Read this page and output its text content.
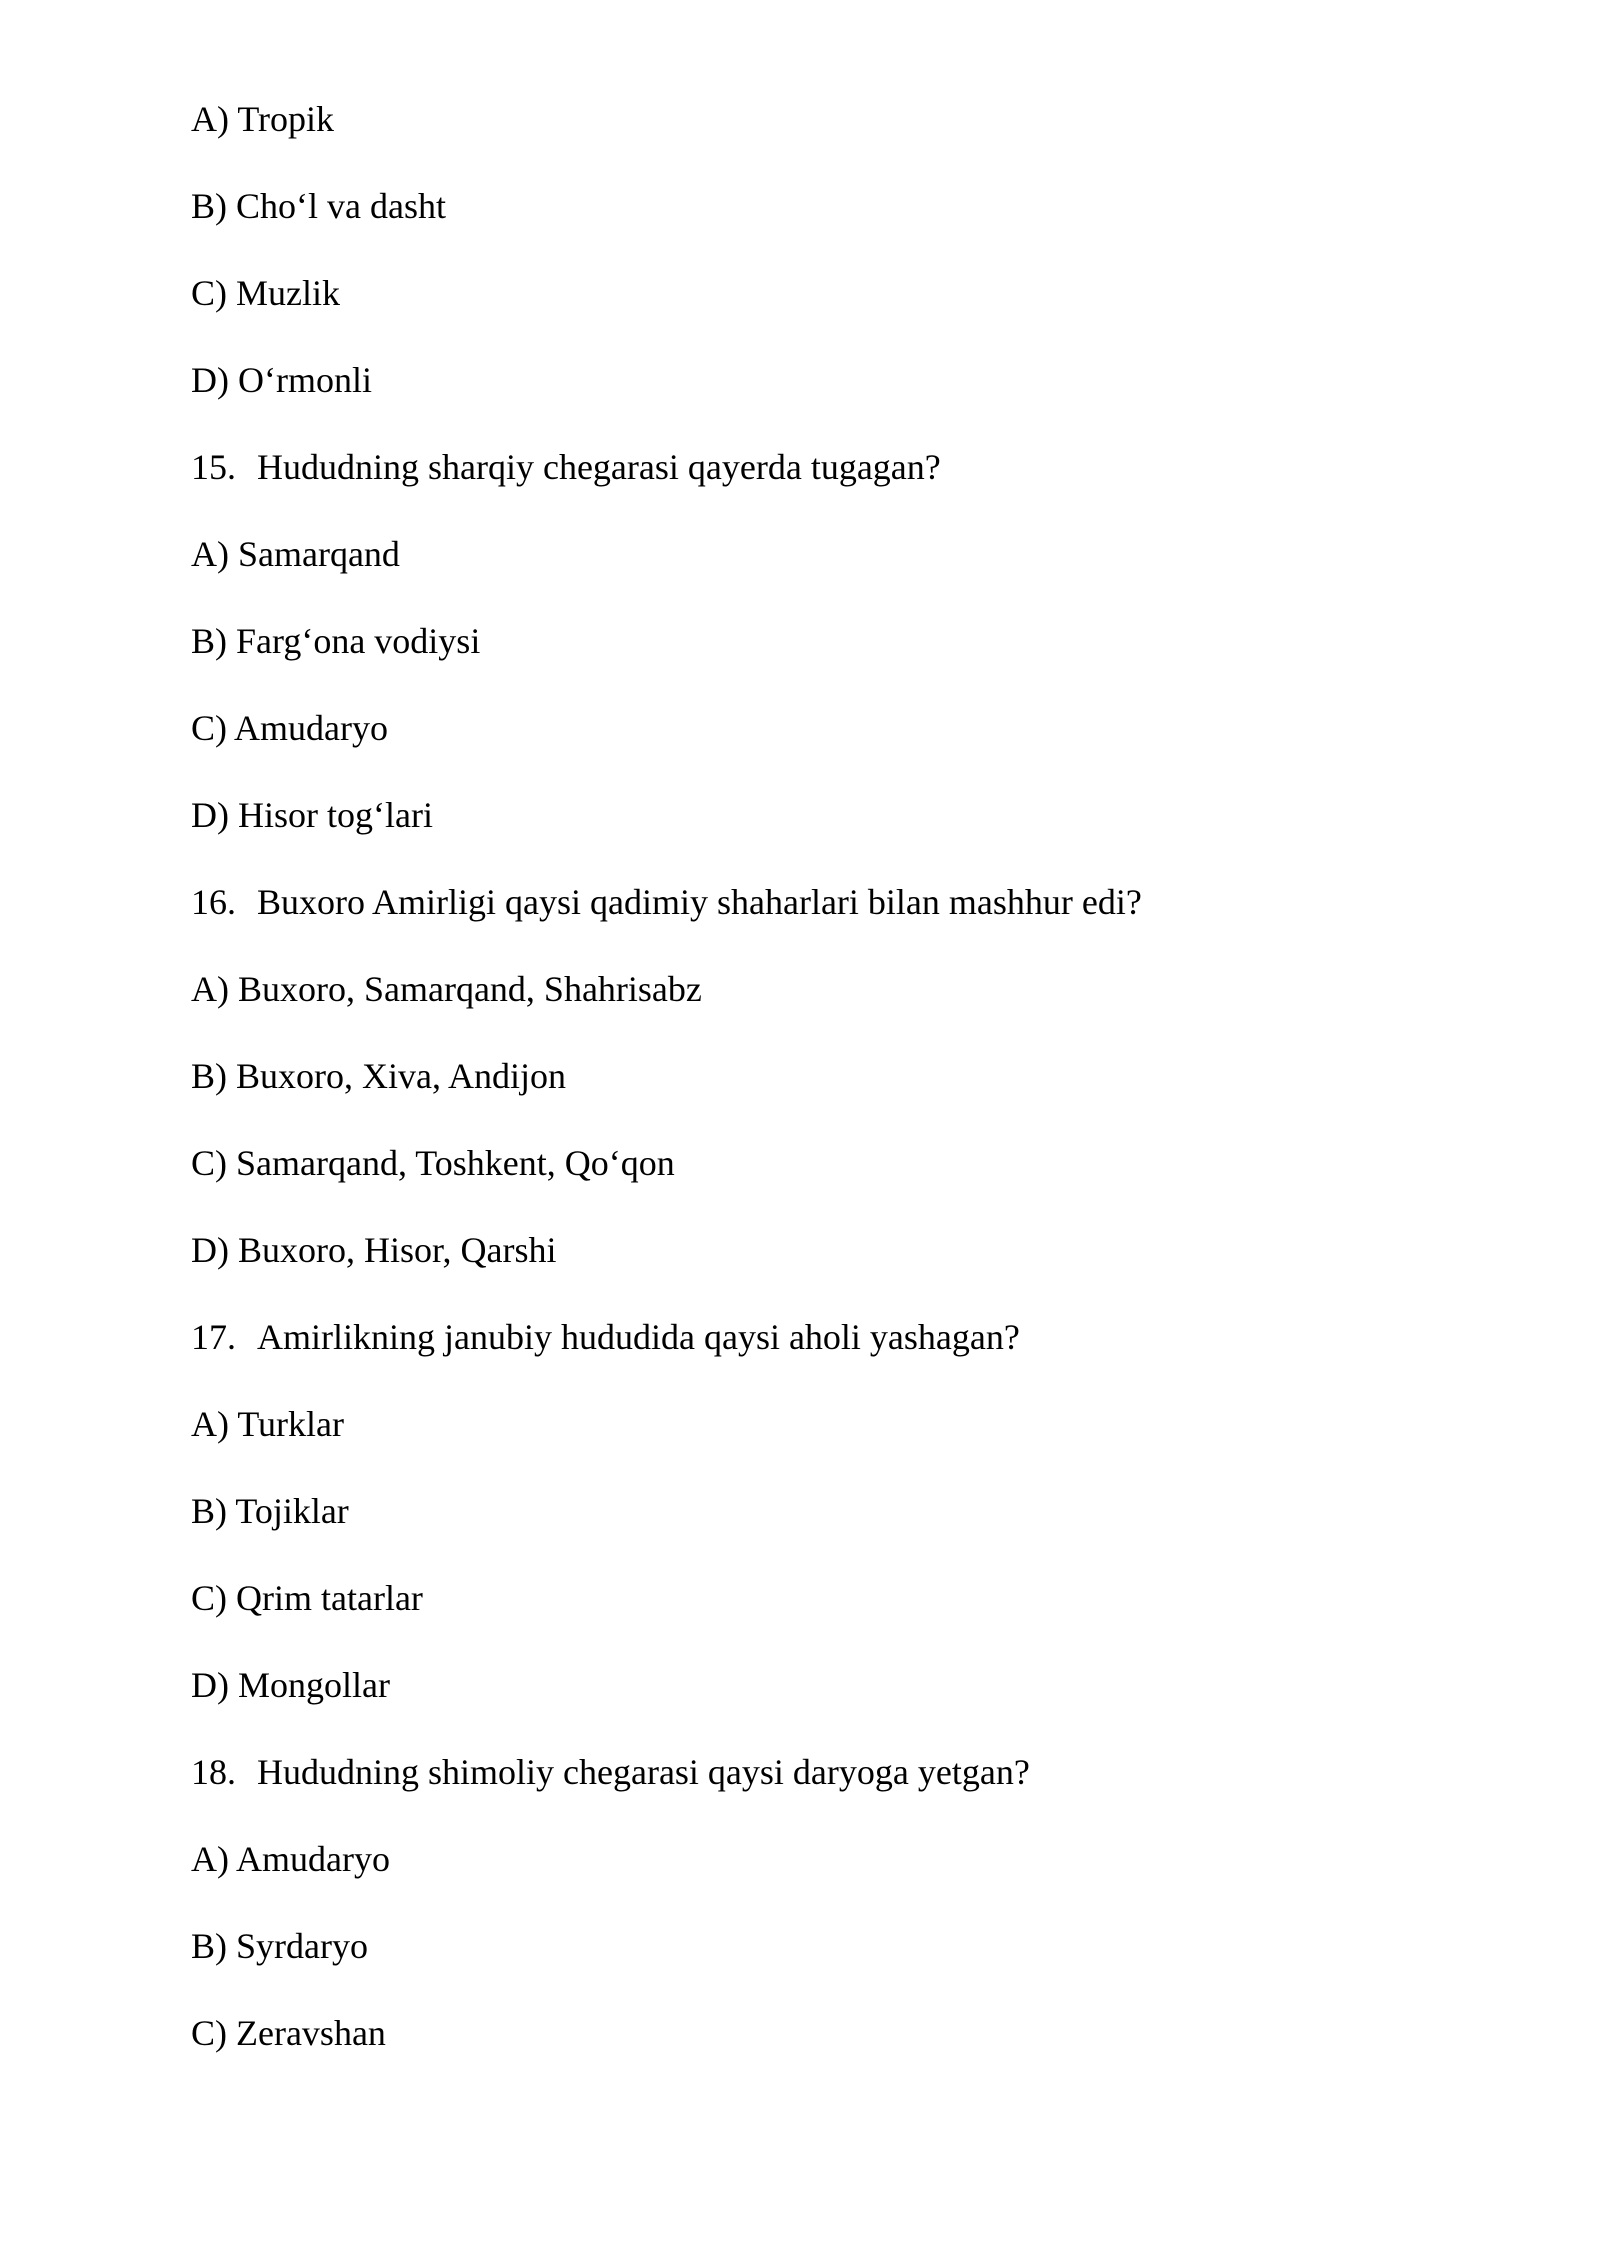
A) Tropik
B) Cho‘l va dasht
C) Muzlik
D) O‘rmonli
15. Hududning sharqiy chegarasi qayerda tugagan?
A) Samarqand
B) Farg‘ona vodiysi
C) Amudaryo
D) Hisor tog‘lari
16. Buxoro Amirligi qaysi qadimiy shaharlari bilan mashhur edi?
A) Buxoro, Samarqand, Shahrisabz
B) Buxoro, Xiva, Andijon
C) Samarqand, Toshkent, Qo‘qon
D) Buxoro, Hisor, Qarshi
17. Amirlikning janubiy hududida qaysi aholi yashagan?
A) Turklar
B) Tojiklar
C) Qrim tatarlar
D) Mongollar
18. Hududning shimoliy chegarasi qaysi daryoga yetgan?
A) Amudaryo
B) Syrdaryo
C) Zeravshan
